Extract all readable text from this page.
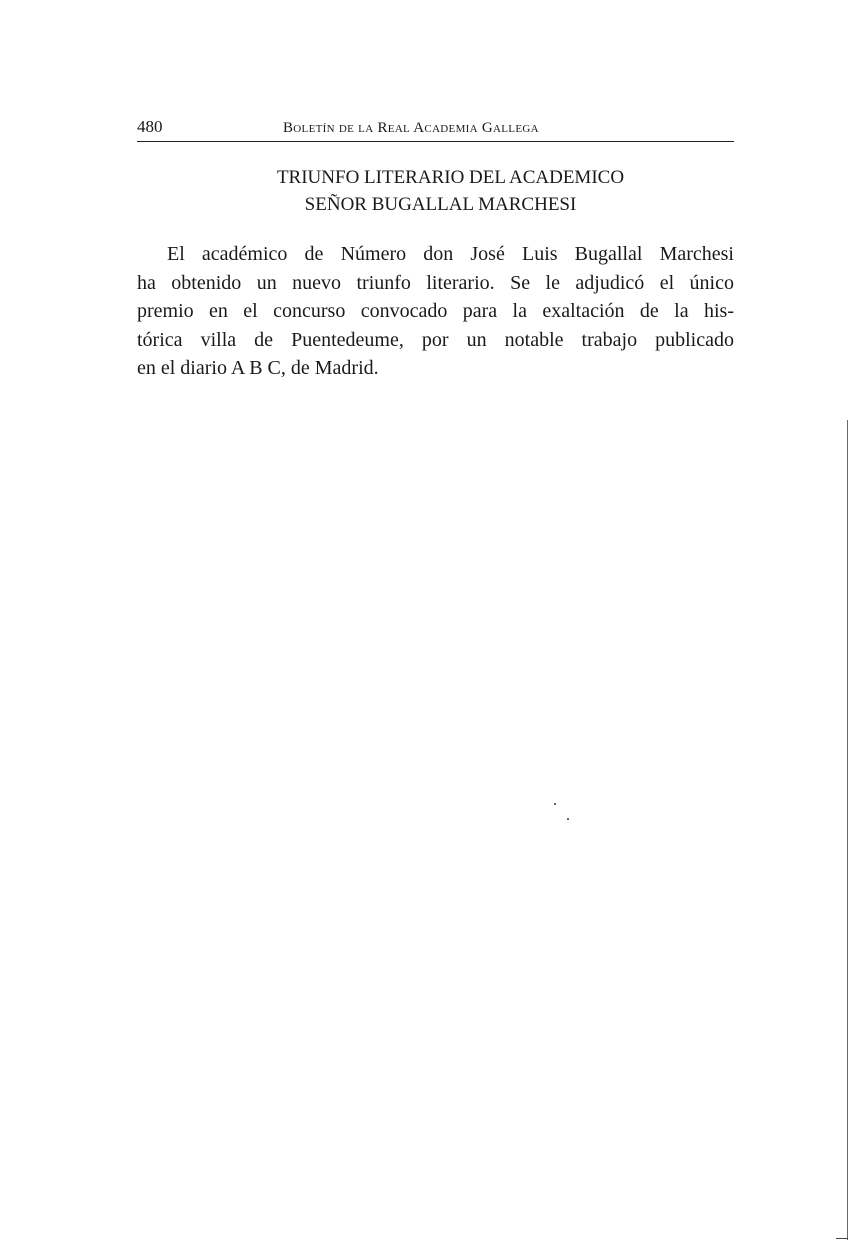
480	Boletín de la Real Academia Gallega
TRIUNFO LITERARIO DEL ACADEMICO
SEÑOR BUGALLAL MARCHESI
El académico de Número don José Luis Bugallal Marchesi
ha obtenido un nuevo triunfo literario. Se le adjudicó el único
premio en el concurso convocado para la exaltación de la his-
tórica villa de Puentedeume, por un notable trabajo publicado
en el diario A B C, de Madrid.
